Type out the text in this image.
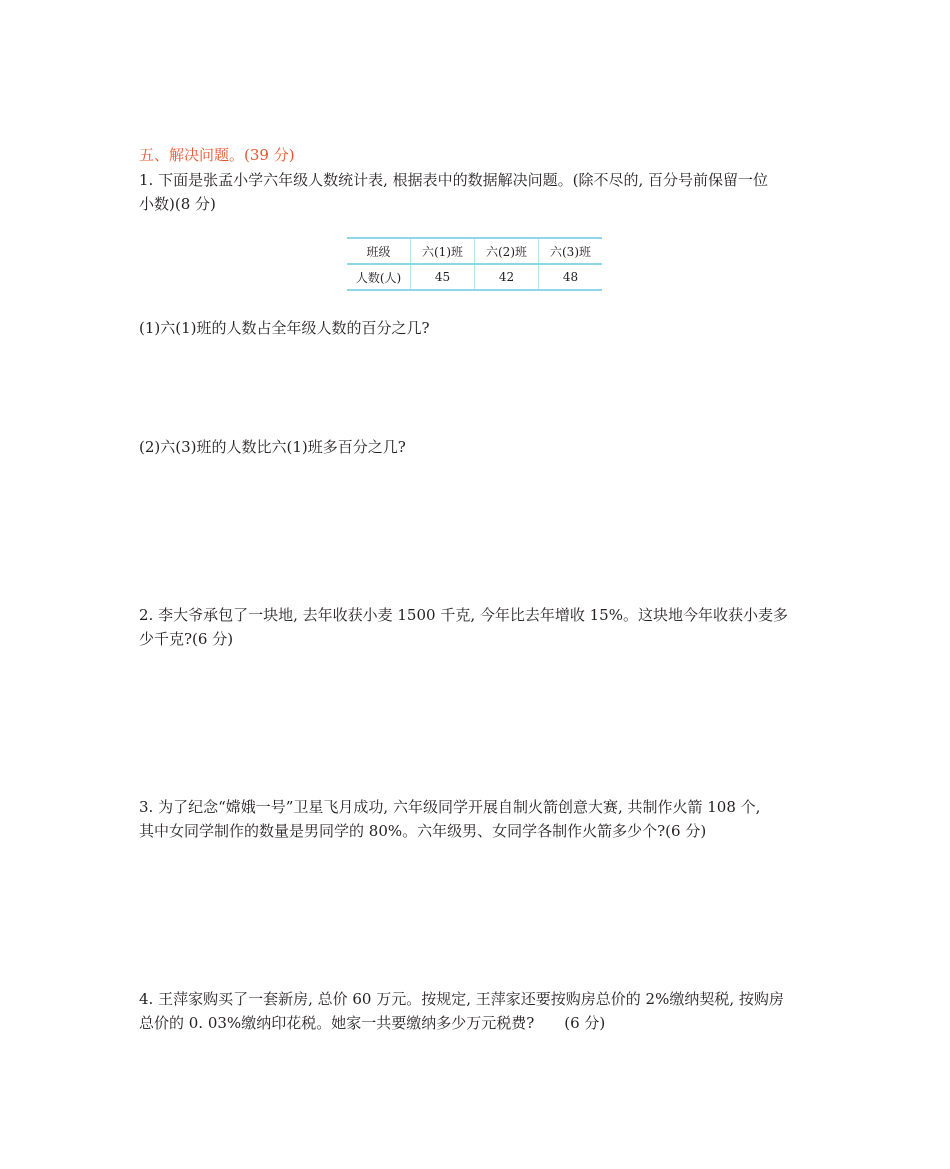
五、解决问题。(39 分)

1. 下面是张孟小学六年级人数统计表, 根据表中的数据解决问题。(除不尽的, 百分号前保留一位

小数)(8 分)

班级	六(1)班	六(2)班	六(3)班
人数(人)	45	42	48

(1)六(1)班的人数占全年级人数的百分之几?

(2)六(3)班的人数比六(1)班多百分之几?

2. 李大爷承包了一块地, 去年收获小麦 1500 千克, 今年比去年增收 15%。这块地今年收获小麦多

少千克?(6 分)

3. 为了纪念“嫦娥一号”卫星飞月成功, 六年级同学开展自制火箭创意大赛, 共制作火箭 108 个,

其中女同学制作的数量是男同学的 80%。六年级男、女同学各制作火箭多少个?(6 分)

4. 王萍家购买了一套新房, 总价 60 万元。按规定, 王萍家还要按购房总价的 2%缴纳契税, 按购房

总价的 0. 03%缴纳印花税。她家一共要缴纳多少万元税费?　　(6 分)
